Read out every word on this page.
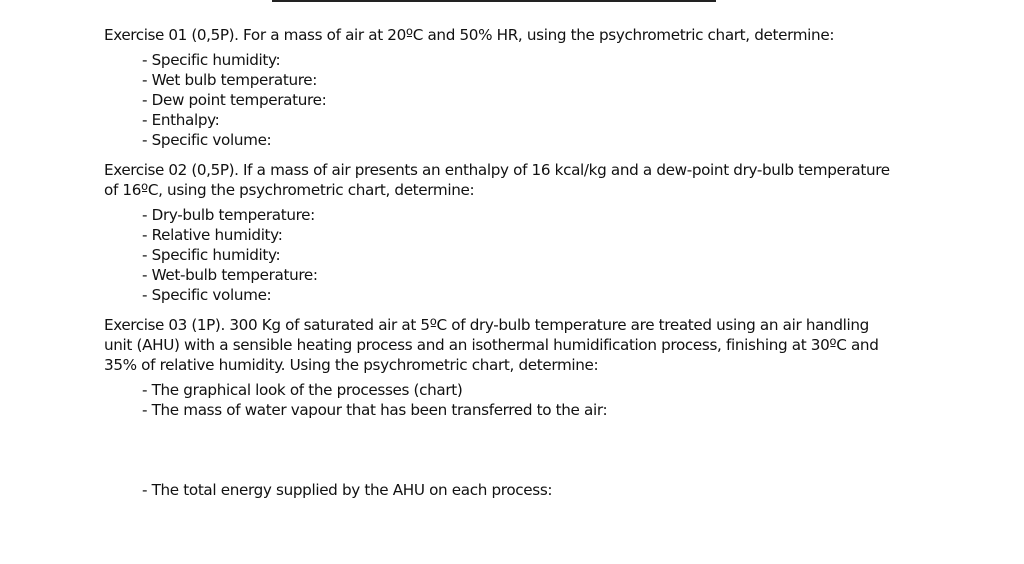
Exercise 01 (0,5P). For a mass of air at 20ºC and 50% HR, using the psychrometric chart, determine:

- Specific humidity:
- Wet bulb temperature:
- Dew point temperature:
- Enthalpy:
- Specific volume:

Exercise 02 (0,5P). If a mass of air presents an enthalpy of 16 kcal/kg and a dew-point dry-bulb temperature of 16ºC, using the psychrometric chart, determine:

- Dry-bulb temperature:
- Relative humidity:
- Specific humidity:
- Wet-bulb temperature:
- Specific volume:

Exercise 03 (1P). 300 Kg of saturated air at 5ºC of dry-bulb temperature are treated using an air handling unit (AHU) with a sensible heating process and an isothermal humidification process, finishing at 30ºC and 35% of relative humidity. Using the psychrometric chart, determine:

- The graphical look of the processes (chart)
- The mass of water vapour that has been transferred to the air:
- The total energy supplied by the AHU on each process:
